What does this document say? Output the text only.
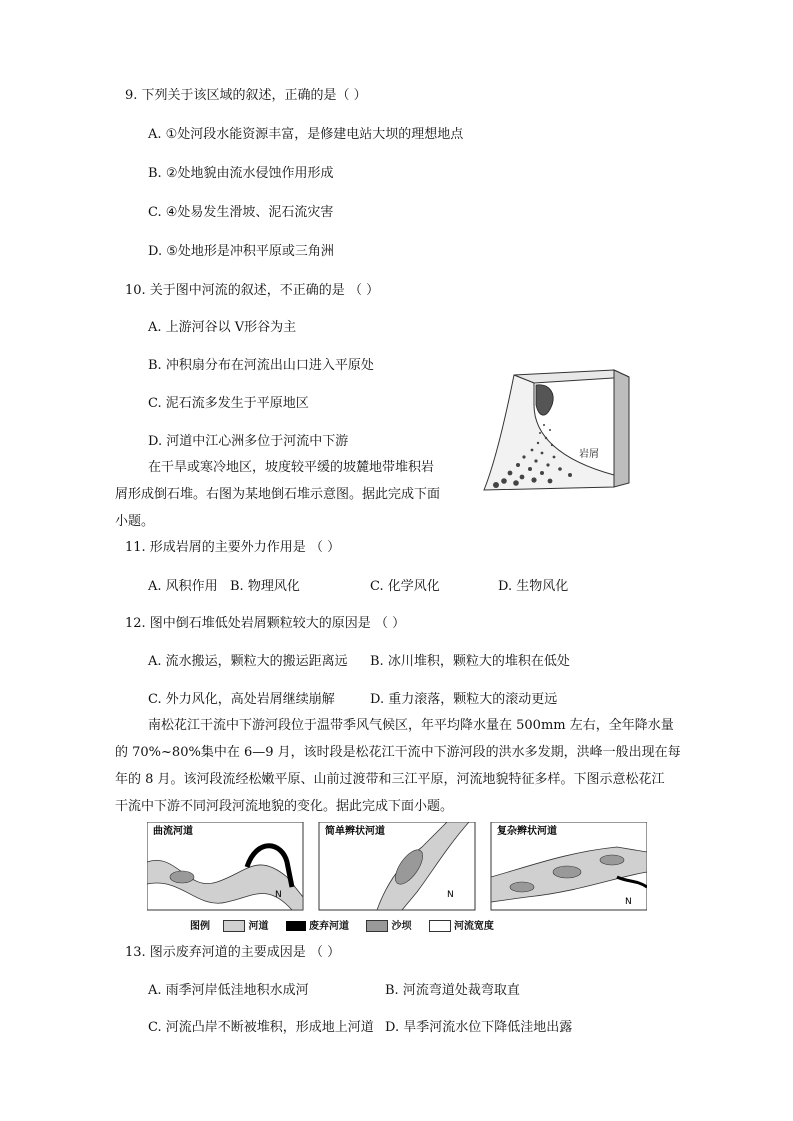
9. 下列关于该区域的叙述，正确的是（ ）
A. ①处河段水能资源丰富，是修建电站大坝的理想地点
B. ②处地貌由流水侵蚀作用形成
C. ④处易发生滑坡、泥石流灾害
D. ⑤处地形是冲积平原或三角洲
10. 关于图中河流的叙述，不正确的是 （ ）
A. 上游河谷以 V形谷为主
B. 冲积扇分布在河流出山口进入平原处
C. 泥石流多发生于平原地区
D. 河道中江心洲多位于河流中下游
在干旱或寒冷地区，坡度较平缓的坡麓地带堆积岩
屑形成倒石堆。右图为某地倒石堆示意图。据此完成下面
小题。
岩屑
11. 形成岩屑的主要外力作用是 （ ）
A. 风积作用 B. 物理风化	C. 化学风化	D. 生物风化
12. 图中倒石堆低处岩屑颗粒较大的原因是 （ ）
A. 流水搬运，颗粒大的搬运距离远 B. 冰川堆积，颗粒大的堆积在低处
C. 外力风化，高处岩屑继续崩解	D. 重力滚落，颗粒大的滚动更远
南松花江干流中下游河段位于温带季风气候区，年平均降水量在 500mm 左右，全年降水量
的 70%~80%集中在 6—9 月，该时段是松花江干流中下游河段的洪水多发期，洪峰一般出现在每
年的 8 月。该河段流经松嫩平原、山前过渡带和三江平原，河流地貌特征多样。下图示意松花江
干流中下游不同河段河流地貌的变化。据此完成下面小题。
曲流河道
N
简单辫状河道
N
复杂辫状河道
N
图例	河道	废弃河道	沙坝	河流宽度
13. 图示废弃河道的主要成因是 （ ）
A. 雨季河岸低洼地积水成河	B. 河流弯道处裁弯取直
C. 河流凸岸不断被堆积，形成地上河道 D. 旱季河流水位下降低洼地出露
